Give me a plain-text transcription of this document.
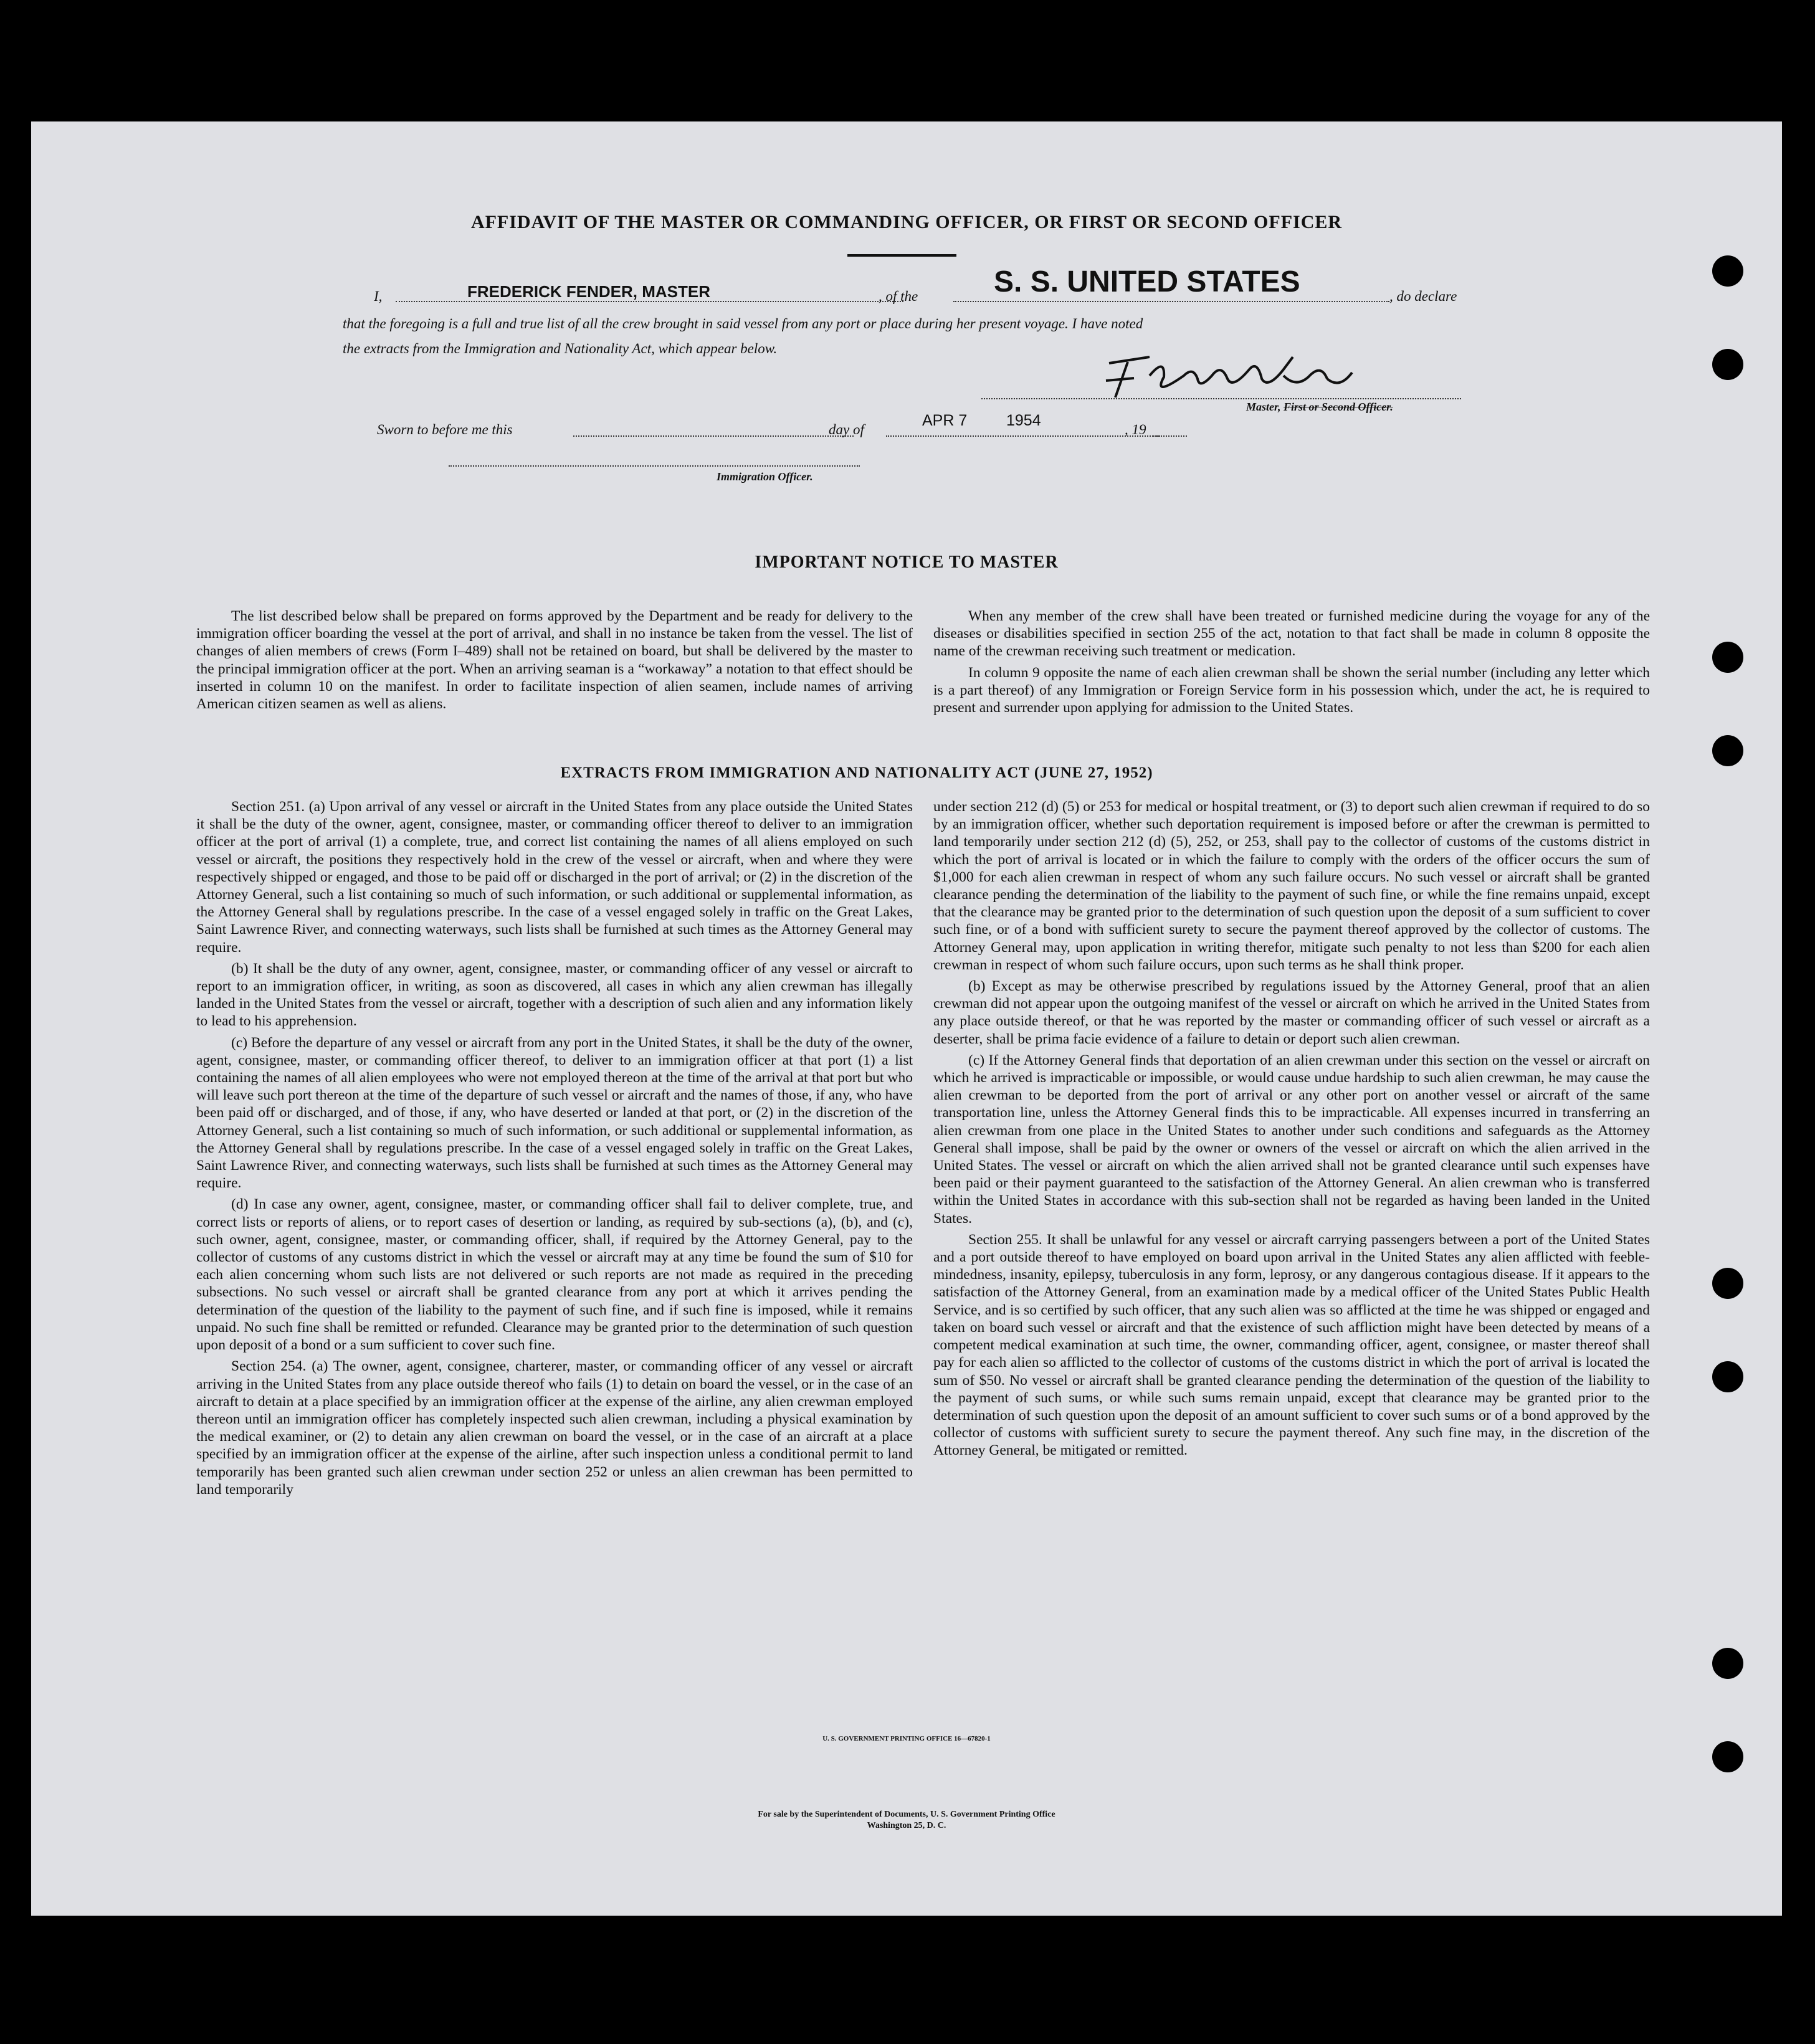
AFFIDAVIT OF THE MASTER OR COMMANDING OFFICER, OR FIRST OR SECOND OFFICER
I,	FREDERICK FENDER, MASTER	, of the	S. S. UNITED STATES	, do declare
that the foregoing is a full and true list of all the crew brought in said vessel from any port or place during her present voyage. I have noted
the extracts from the Immigration and Nationality Act, which appear below.
Master, First or Second Officer.
Sworn to before me this	day of
APR 7	1954
, 19
Immigration Officer.
IMPORTANT NOTICE TO MASTER

The list described below shall be prepared on forms approved by the Department and be ready for delivery to the immigration officer boarding the vessel at the port of arrival, and shall in no instance be taken from the vessel. The list of changes of alien members of crews (Form I–489) shall not be retained on board, but shall be delivered by the master to the principal immigration officer at the port. When an arriving seaman is a “workaway” a notation to that effect should be inserted in column 10 on the manifest. In order to facilitate inspection of alien seamen, include names of arriving American citizen seamen as well as aliens.

When any member of the crew shall have been treated or furnished medicine during the voyage for any of the diseases or disabilities specified in section 255 of the act, notation to that fact shall be made in column 8 opposite the name of the crewman receiving such treatment or medication.

In column 9 opposite the name of each alien crewman shall be shown the serial number (including any letter which is a part thereof) of any Immigration or Foreign Service form in his possession which, under the act, he is required to present and surrender upon applying for admission to the United States.

EXTRACTS FROM IMMIGRATION AND NATIONALITY ACT (JUNE 27, 1952)

Section 251. (a) Upon arrival of any vessel or aircraft in the United States from any place outside the United States it shall be the duty of the owner, agent, consignee, master, or commanding officer thereof to deliver to an immigration officer at the port of arrival (1) a complete, true, and correct list containing the names of all aliens employed on such vessel or aircraft, the positions they respectively hold in the crew of the vessel or aircraft, when and where they were respectively shipped or engaged, and those to be paid off or discharged in the port of arrival; or (2) in the discretion of the Attorney General, such a list containing so much of such information, or such additional or supplemental information, as the Attorney General shall by regulations prescribe. In the case of a vessel engaged solely in traffic on the Great Lakes, Saint Lawrence River, and connecting waterways, such lists shall be furnished at such times as the Attorney General may require.

(b) It shall be the duty of any owner, agent, consignee, master, or commanding officer of any vessel or aircraft to report to an immigration officer, in writing, as soon as discovered, all cases in which any alien crewman has illegally landed in the United States from the vessel or aircraft, together with a description of such alien and any information likely to lead to his apprehension.

(c) Before the departure of any vessel or aircraft from any port in the United States, it shall be the duty of the owner, agent, consignee, master, or commanding officer thereof, to deliver to an immigration officer at that port (1) a list containing the names of all alien employees who were not employed thereon at the time of the arrival at that port but who will leave such port thereon at the time of the departure of such vessel or aircraft and the names of those, if any, who have been paid off or discharged, and of those, if any, who have deserted or landed at that port, or (2) in the discretion of the Attorney General, such a list containing so much of such information, or such additional or supplemental information, as the Attorney General shall by regulations prescribe. In the case of a vessel engaged solely in traffic on the Great Lakes, Saint Lawrence River, and connecting waterways, such lists shall be furnished at such times as the Attorney General may require.

(d) In case any owner, agent, consignee, master, or commanding officer shall fail to deliver complete, true, and correct lists or reports of aliens, or to report cases of desertion or landing, as required by sub-sections (a), (b), and (c), such owner, agent, consignee, master, or commanding officer, shall, if required by the Attorney General, pay to the collector of customs of any customs district in which the vessel or aircraft may at any time be found the sum of $10 for each alien concerning whom such lists are not delivered or such reports are not made as required in the preceding subsections. No such vessel or aircraft shall be granted clearance from any port at which it arrives pending the determination of the question of the liability to the payment of such fine, and if such fine is imposed, while it remains unpaid. No such fine shall be remitted or refunded. Clearance may be granted prior to the determination of such question upon deposit of a bond or a sum sufficient to cover such fine.

Section 254. (a) The owner, agent, consignee, charterer, master, or commanding officer of any vessel or aircraft arriving in the United States from any place outside thereof who fails (1) to detain on board the vessel, or in the case of an aircraft to detain at a place specified by an immigration officer at the expense of the airline, any alien crewman employed thereon until an immigration officer has completely inspected such alien crewman, including a physical examination by the medical examiner, or (2) to detain any alien crewman on board the vessel, or in the case of an aircraft at a place specified by an immigration officer at the expense of the airline, after such inspection unless a conditional permit to land temporarily has been granted such alien crewman under section 252 or unless an alien crewman has been permitted to land temporarily

under section 212 (d) (5) or 253 for medical or hospital treatment, or (3) to deport such alien crewman if required to do so by an immigration officer, whether such deportation requirement is imposed before or after the crewman is permitted to land temporarily under section 212 (d) (5), 252, or 253, shall pay to the collector of customs of the customs district in which the port of arrival is located or in which the failure to comply with the orders of the officer occurs the sum of $1,000 for each alien crewman in respect of whom any such failure occurs. No such vessel or aircraft shall be granted clearance pending the determination of the liability to the payment of such fine, or while the fine remains unpaid, except that the clearance may be granted prior to the determination of such question upon the deposit of a sum sufficient to cover such fine, or of a bond with sufficient surety to secure the payment thereof approved by the collector of customs. The Attorney General may, upon application in writing therefor, mitigate such penalty to not less than $200 for each alien crewman in respect of whom such failure occurs, upon such terms as he shall think proper.

(b) Except as may be otherwise prescribed by regulations issued by the Attorney General, proof that an alien crewman did not appear upon the outgoing manifest of the vessel or aircraft on which he arrived in the United States from any place outside thereof, or that he was reported by the master or commanding officer of such vessel or aircraft as a deserter, shall be prima facie evidence of a failure to detain or deport such alien crewman.

(c) If the Attorney General finds that deportation of an alien crewman under this section on the vessel or aircraft on which he arrived is impracticable or impossible, or would cause undue hardship to such alien crewman, he may cause the alien crewman to be deported from the port of arrival or any other port on another vessel or aircraft of the same transportation line, unless the Attorney General finds this to be impracticable. All expenses incurred in transferring an alien crewman from one place in the United States to another under such conditions and safeguards as the Attorney General shall impose, shall be paid by the owner or owners of the vessel or aircraft on which the alien arrived in the United States. The vessel or aircraft on which the alien arrived shall not be granted clearance until such expenses have been paid or their payment guaranteed to the satisfaction of the Attorney General. An alien crewman who is transferred within the United States in accordance with this sub-section shall not be regarded as having been landed in the United States.

Section 255. It shall be unlawful for any vessel or aircraft carrying passengers between a port of the United States and a port outside thereof to have employed on board upon arrival in the United States any alien afflicted with feeble-mindedness, insanity, epilepsy, tuberculosis in any form, leprosy, or any dangerous contagious disease. If it appears to the satisfaction of the Attorney General, from an examination made by a medical officer of the United States Public Health Service, and is so certified by such officer, that any such alien was so afflicted at the time he was shipped or engaged and taken on board such vessel or aircraft and that the existence of such affliction might have been detected by means of a competent medical examination at such time, the owner, commanding officer, agent, consignee, or master thereof shall pay for each alien so afflicted to the collector of customs of the customs district in which the port of arrival is located the sum of $50. No vessel or aircraft shall be granted clearance pending the determination of the question of the liability to the payment of such sums, or while such sums remain unpaid, except that clearance may be granted prior to the determination of such question upon the deposit of an amount sufficient to cover such sums or of a bond approved by the collector of customs with sufficient surety to secure the payment thereof. Any such fine may, in the discretion of the Attorney General, be mitigated or remitted.

U. S. GOVERNMENT PRINTING OFFICE 16—67820-1
For sale by the Superintendent of Documents, U. S. Government Printing Office
Washington 25, D. C.
